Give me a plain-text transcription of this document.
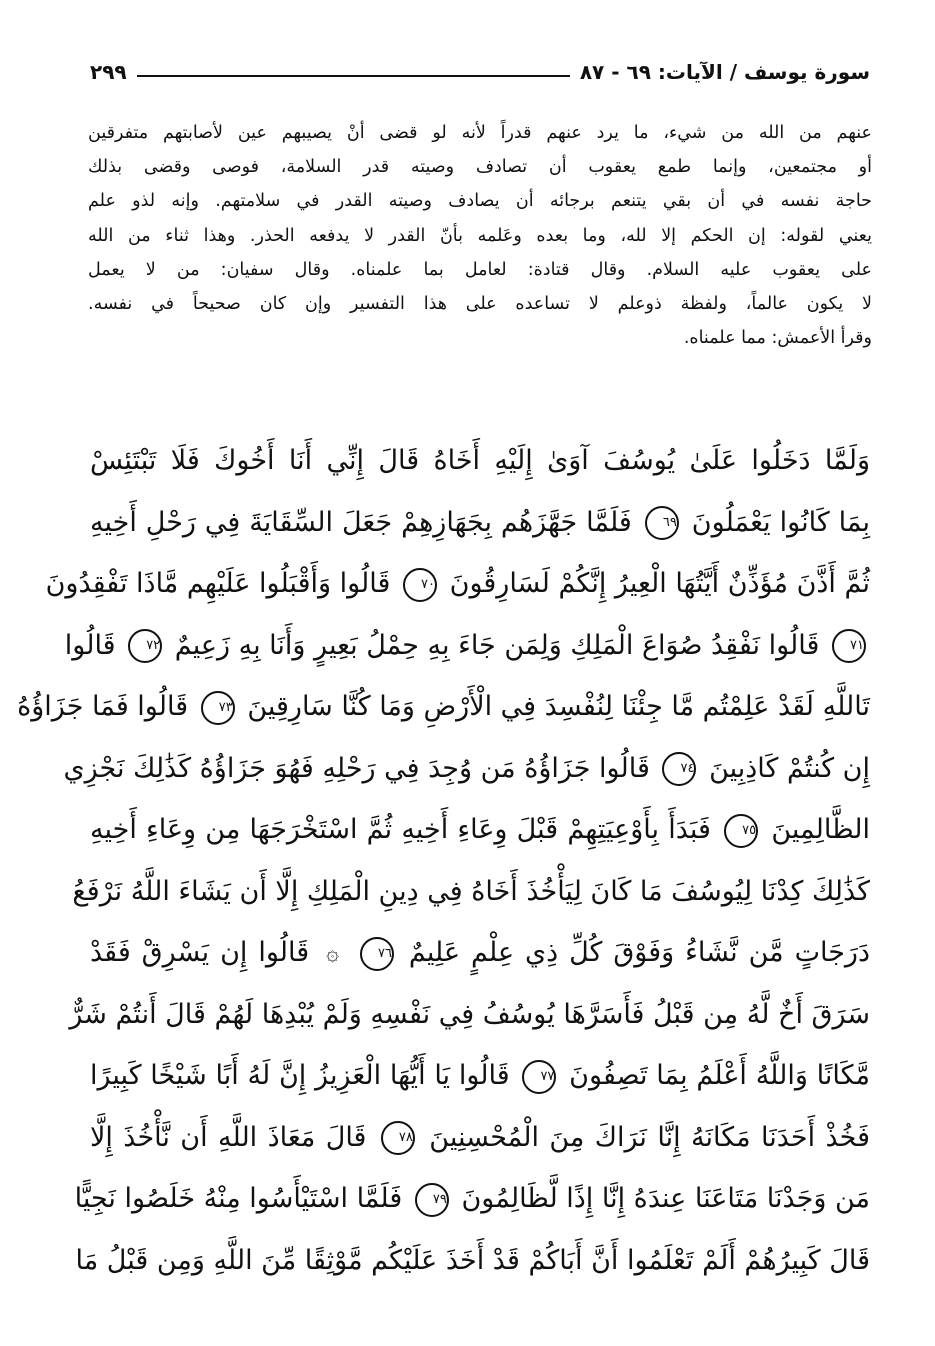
سورة يوسف / الآيات: ٦٩ - ٨٧
٢٩٩

عنهم من الله من شيء، ما يرد عنهم قدراً لأنه لو قضى أنْ يصيبهم عين لأصابتهم متفرقين

أو مجتمعين، وإنما طمع يعقوب أن تصادف وصيته قدر السلامة، فوصى وقضى بذلك

حاجة نفسه في أن بقي يتنعم برجائه أن يصادف وصيته القدر في سلامتهم. وإنه لذو علم

يعني لقوله: إن الحكم إلا لله، وما بعده وعَلمه بأنّ القدر لا يدفعه الحذر. وهذا ثناء من الله

على يعقوب عليه السلام. وقال قتادة: لعامل بما علمناه. وقال سفيان: من لا يعمل

لا يكون عالماً، ولفظة ذوعلم لا تساعده على هذا التفسير وإن كان صحيحاً في نفسه.

وقرأ الأعمش: مما علمناه.

وَلَمَّا دَخَلُوا عَلَىٰ يُوسُفَ آوَىٰ إِلَيْهِ أَخَاهُ قَالَ إِنِّي أَنَا أَخُوكَ فَلَا تَبْتَئِسْ

بِمَا كَانُوا يَعْمَلُونَ ٦٩ فَلَمَّا جَهَّزَهُم بِجَهَازِهِمْ جَعَلَ السِّقَايَةَ فِي رَحْلِ أَخِيهِ

ثُمَّ أَذَّنَ مُؤَذِّنٌ أَيَّتُهَا الْعِيرُ إِنَّكُمْ لَسَارِقُونَ ٧٠ قَالُوا وَأَقْبَلُوا عَلَيْهِم مَّاذَا تَفْقِدُونَ

٧١ قَالُوا نَفْقِدُ صُوَاعَ الْمَلِكِ وَلِمَن جَاءَ بِهِ حِمْلُ بَعِيرٍ وَأَنَا بِهِ زَعِيمٌ ٧٢ قَالُوا

تَاللَّهِ لَقَدْ عَلِمْتُم مَّا جِئْنَا لِنُفْسِدَ فِي الْأَرْضِ وَمَا كُنَّا سَارِقِينَ ٧٣ قَالُوا فَمَا جَزَاؤُهُ

إِن كُنتُمْ كَاذِبِينَ ٧٤ قَالُوا جَزَاؤُهُ مَن وُجِدَ فِي رَحْلِهِ فَهُوَ جَزَاؤُهُ كَذَٰلِكَ نَجْزِي

الظَّالِمِينَ ٧٥ فَبَدَأَ بِأَوْعِيَتِهِمْ قَبْلَ وِعَاءِ أَخِيهِ ثُمَّ اسْتَخْرَجَهَا مِن وِعَاءِ أَخِيهِ

كَذَٰلِكَ كِدْنَا لِيُوسُفَ مَا كَانَ لِيَأْخُذَ أَخَاهُ فِي دِينِ الْمَلِكِ إِلَّا أَن يَشَاءَ اللَّهُ نَرْفَعُ

دَرَجَاتٍ مَّن نَّشَاءُ وَفَوْقَ كُلِّ ذِي عِلْمٍ عَلِيمٌ ٧٦ ۞ قَالُوا إِن يَسْرِقْ فَقَدْ

سَرَقَ أَخٌ لَّهُ مِن قَبْلُ فَأَسَرَّهَا يُوسُفُ فِي نَفْسِهِ وَلَمْ يُبْدِهَا لَهُمْ قَالَ أَنتُمْ شَرٌّ

مَّكَانًا وَاللَّهُ أَعْلَمُ بِمَا تَصِفُونَ ٧٧ قَالُوا يَا أَيُّهَا الْعَزِيزُ إِنَّ لَهُ أَبًا شَيْخًا كَبِيرًا

فَخُذْ أَحَدَنَا مَكَانَهُ إِنَّا نَرَاكَ مِنَ الْمُحْسِنِينَ ٧٨ قَالَ مَعَاذَ اللَّهِ أَن نَّأْخُذَ إِلَّا

مَن وَجَدْنَا مَتَاعَنَا عِندَهُ إِنَّا إِذًا لَّظَالِمُونَ ٧٩ فَلَمَّا اسْتَيْأَسُوا مِنْهُ خَلَصُوا نَجِيًّا

قَالَ كَبِيرُهُمْ أَلَمْ تَعْلَمُوا أَنَّ أَبَاكُمْ قَدْ أَخَذَ عَلَيْكُم مَّوْثِقًا مِّنَ اللَّهِ وَمِن قَبْلُ مَا
